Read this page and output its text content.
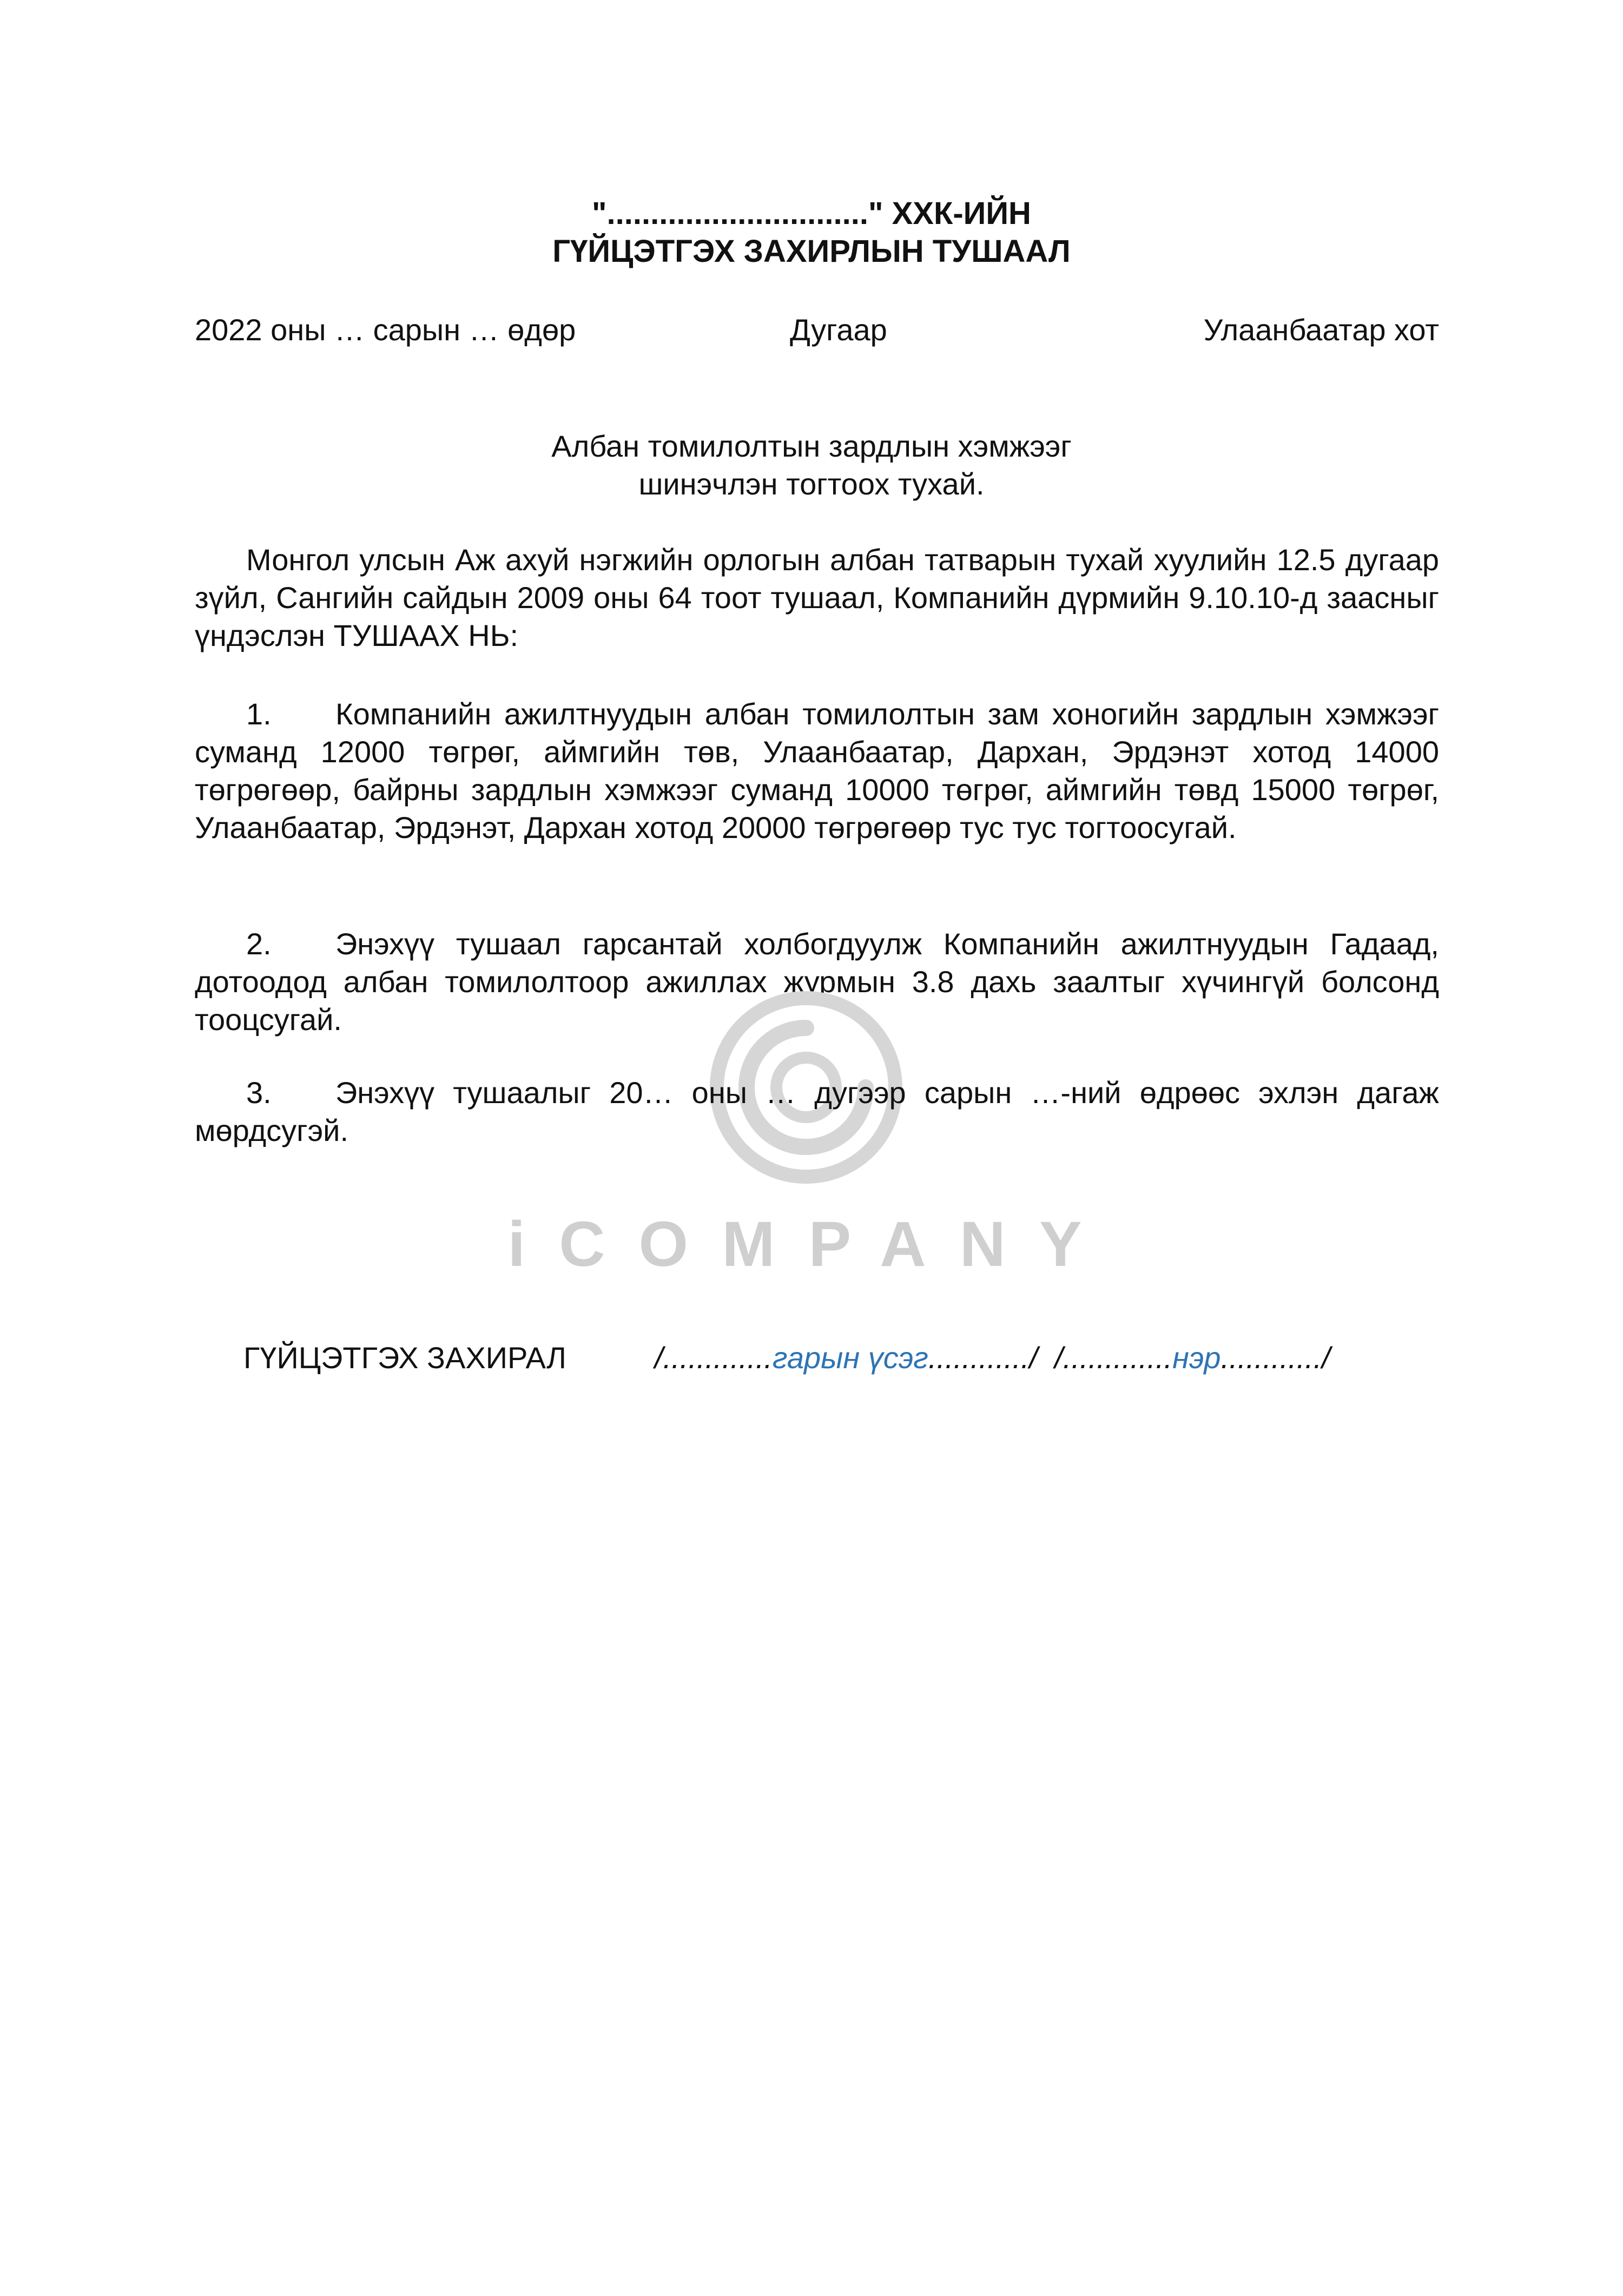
".............................." ХХК-ИЙН
ГҮЙЦЭТГЭХ ЗАХИРЛЫН ТУШААЛ
2022 оны … сарын … өдөр	Дугаар	Улаанбаатар хот
Албан томилолтын зардлын хэмжээг
шинэчлэн тогтоох тухай.

Монгол улсын Аж ахуй нэгжийн орлогын албан татварын тухай хуулийн 12.5 дугаар зүйл, Сангийн сайдын 2009 оны 64 тоот тушаал, Компанийн дүрмийн 9.10.10-д заасныг үндэслэн ТУШААХ НЬ:

1. Компанийн ажилтнуудын албан томилолтын зам хоногийн зардлын хэмжээг суманд 12000 төгрөг, аймгийн төв, Улаанбаатар, Дархан, Эрдэнэт хотод 14000 төгрөгөөр, байрны зардлын хэмжээг суманд 10000 төгрөг, аймгийн төвд 15000 төгрөг, Улаанбаатар, Эрдэнэт, Дархан хотод 20000 төгрөгөөр тус тус тогтоосугай.

2. Энэхүү тушаал гарсантай холбогдуулж Компанийн ажилтнуудын Гадаад, дотоодод албан томилолтоор ажиллах журмын 3.8 дахь заалтыг хүчингүй болсонд тооцсугай.

3. Энэхүү тушаалыг 20… оны … дугээр сарын …-ний өдрөөс эхлэн дагаж мөрдсугэй.

iCOMPANY
ГҮЙЦЭТГЭХ ЗАХИРАЛ	/.............гарын үсэг............/ /.............нэр............/
